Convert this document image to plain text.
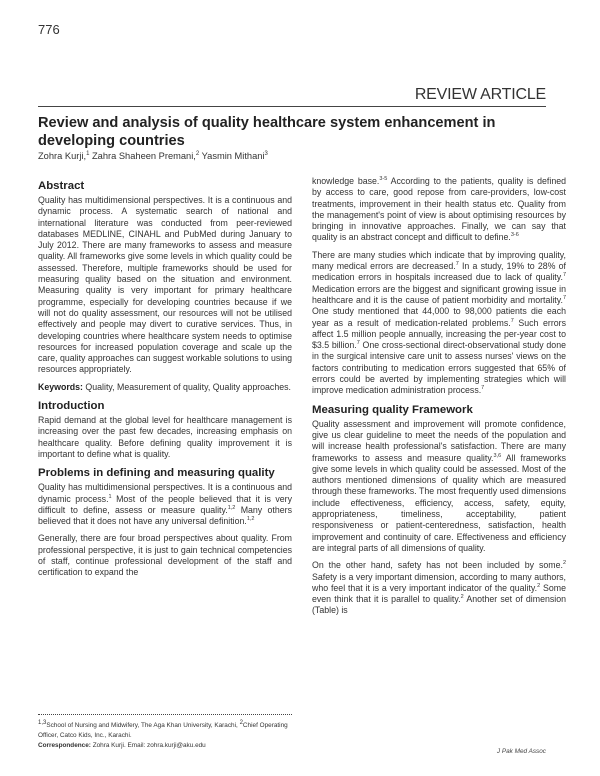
776
REVIEW ARTICLE
Review and analysis of quality healthcare system enhancement in developing countries
Zohra Kurji,$^1$ Zahra Shaheen Premani,$^2$ Yasmin Mithani$^3$
Abstract

Quality has multidimensional perspectives. It is a continuous and dynamic process. A systematic search of national and international literature was conducted from peer-reviewed databases MEDLINE, CINAHL and PubMed during January to July 2012. There are many frameworks to assess and measure quality. All frameworks give some levels in which quality could be assessed. Therefore, multiple frameworks should be used for measuring quality based on the situation and environment. Measuring quality is very important for primary healthcare programme, especially for developing countries because if we will not do quality assessment, our resources will not be utilised effectively and people may divert to curative services. Thus, in developing countries where healthcare system needs to optimise resources for increased population coverage and scale up the care, quality approaches can suggest workable solutions to using resources appropriately.

Keywords: Quality, Measurement of quality, Quality approaches.
Introduction

Rapid demand at the global level for healthcare management is increasing over the past few decades, increasing emphasis on healthcare quality. Before defining quality improvement it is important to define what is quality.

Problems in defining and measuring quality

Quality has multidimensional perspectives. It is a continuous and dynamic process.$^1$ Most of the people believed that it is very difficult to define, assess or measure quality.$^{1,2}$ Many others believed that it does not have any universal definition.$^{1,2}$

Generally, there are four broad perspectives about quality. From professional perspective, it is just to gain technical competencies of staff, continue professional development of the staff and certification to expand the

knowledge base.$^{3-5}$ According to the patients, quality is defined by access to care, good repose from care-providers, low-cost treatments, improvement in their health status etc. Quality from the management's point of view is about optimising resources by bringing in innovative approaches. Finally, we can say that quality is an abstract concept and difficult to define.$^{3-6}$

There are many studies which indicate that by improving quality, many medical errors are decreased.$^7$ In a study, 19% to 28% of medication errors in hospitals increased due to lack of quality.$^7$ Medication errors are the biggest and significant growing issue in healthcare and it is the cause of patient morbidity and mortality.$^7$ One study mentioned that 44,000 to 98,000 patients die each year as a result of medication-related problems.$^7$ Such errors affect 1.5 million people annually, increasing the per-year cost to $3.5 billion.$^7$ One cross-sectional direct-observational study done in the surgical intensive care unit to assess nurses' views on the factors contributing to medication errors suggested that 65% of errors could be averted by implementing strategies which will improve medication administration process.$^7$

Measuring quality Framework

Quality assessment and improvement will promote confidence, give us clear guideline to meet the needs of the population and will increase health professional's satisfaction. There are many frameworks to assess and measure quality.$^{3,6}$ All frameworks give some levels in which quality could be assessed. Most of the authors mentioned dimensions of quality which are measured through these frameworks. The most frequently used dimensions include effectiveness, efficiency, access, safety, equity, appropriateness, timeliness, acceptability, patient responsiveness or patient-centeredness, satisfaction, health improvement and continuity of care. Effectiveness and efficiency are integral parts of all dimensions of quality.

On the other hand, safety has not been included by some.$^2$ Safety is a very important dimension, according to many authors, who feel that it is a very important indicator of the quality.$^2$ Some even think that it is parallel to quality.$^2$ Another set of dimension (Table) is

$^{1,3}$School of Nursing and Midwifery, The Aga Khan University, Karachi, $^2$Chief Operating Officer, Catco Kids, Inc., Karachi.
Correspondence: Zohra Kurji. Email: zohra.kurji@aku.edu
J Pak Med Assoc
